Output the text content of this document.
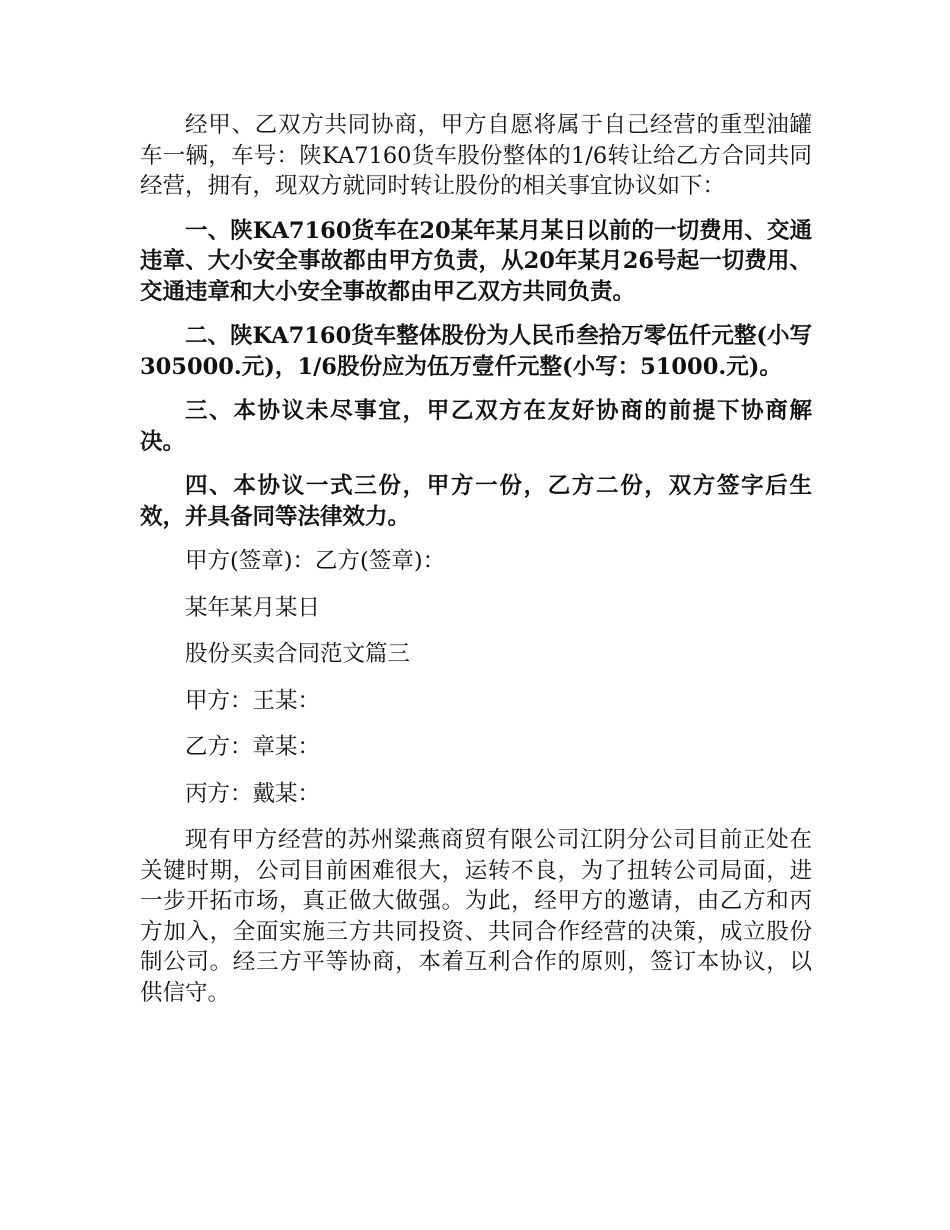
经甲、乙双方共同协商，甲方自愿将属于自己经营的重型油罐车一辆，车号：陕KA7160货车股份整体的1/6转让给乙方合同共同经营，拥有，现双方就同时转让股份的相关事宜协议如下：

一、陕KA7160货车在20某年某月某日以前的一切费用、交通违章、大小安全事故都由甲方负责，从20年某月26号起一切费用、交通违章和大小安全事故都由甲乙双方共同负责。

二、陕KA7160货车整体股份为人民币叁拾万零伍仟元整(小写305000.元)，1/6股份应为伍万壹仟元整(小写：51000.元)。

三、本协议未尽事宜，甲乙双方在友好协商的前提下协商解决。

四、本协议一式三份，甲方一份，乙方二份，双方签字后生效，并具备同等法律效力。

甲方(签章)：乙方(签章)：

某年某月某日

股份买卖合同范文篇三

甲方：王某：

乙方：章某：

丙方：戴某：

现有甲方经营的苏州粱燕商贸有限公司江阴分公司目前正处在关键时期，公司目前困难很大，运转不良，为了扭转公司局面，进一步开拓市场，真正做大做强。为此，经甲方的邀请，由乙方和丙方加入，全面实施三方共同投资、共同合作经营的决策，成立股份制公司。经三方平等协商，本着互利合作的原则，签订本协议，以供信守。
